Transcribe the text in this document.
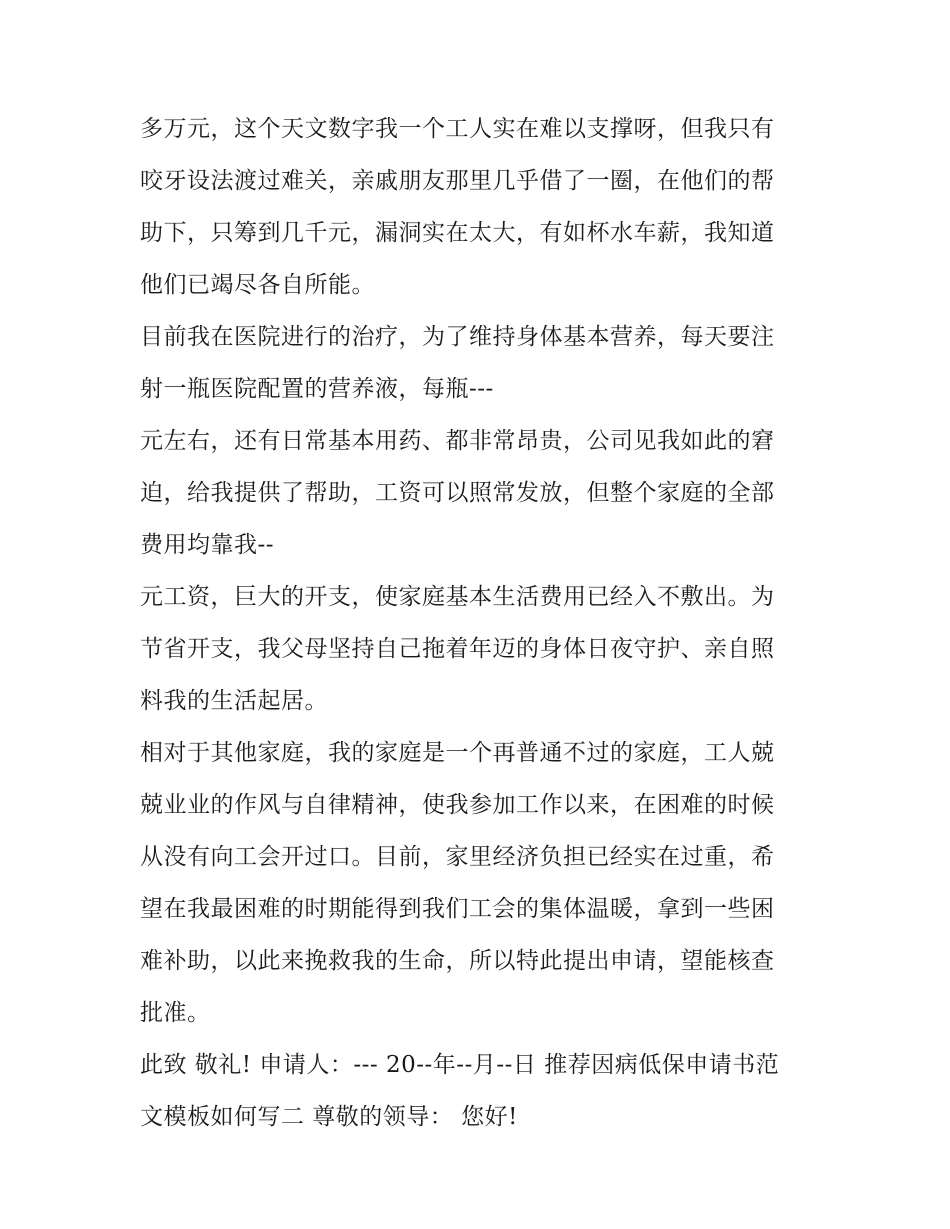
多万元，这个天文数字我一个工人实在难以支撑呀，但我只有
咬牙设法渡过难关，亲戚朋友那里几乎借了一圈，在他们的帮
助下，只筹到几千元，漏洞实在太大，有如杯水车薪，我知道
他们已竭尽各自所能。
目前我在医院进行的治疗，为了维持身体基本营养，每天要注
射一瓶医院配置的营养液，每瓶---
元左右，还有日常基本用药、都非常昂贵，公司见我如此的窘
迫，给我提供了帮助，工资可以照常发放，但整个家庭的全部
费用均靠我--
元工资，巨大的开支，使家庭基本生活费用已经入不敷出。为
节省开支，我父母坚持自己拖着年迈的身体日夜守护、亲自照
料我的生活起居。
相对于其他家庭，我的家庭是一个再普通不过的家庭，工人兢
兢业业的作风与自律精神，使我参加工作以来，在困难的时候
从没有向工会开过口。目前，家里经济负担已经实在过重，希
望在我最困难的时期能得到我们工会的集体温暖，拿到一些困
难补助，以此来挽救我的生命，所以特此提出申请，望能核查
批准。
此致 敬礼! 申请人：--- 20--年--月--日 推荐因病低保申请书范
文模板如何写二 尊敬的领导： 您好!
